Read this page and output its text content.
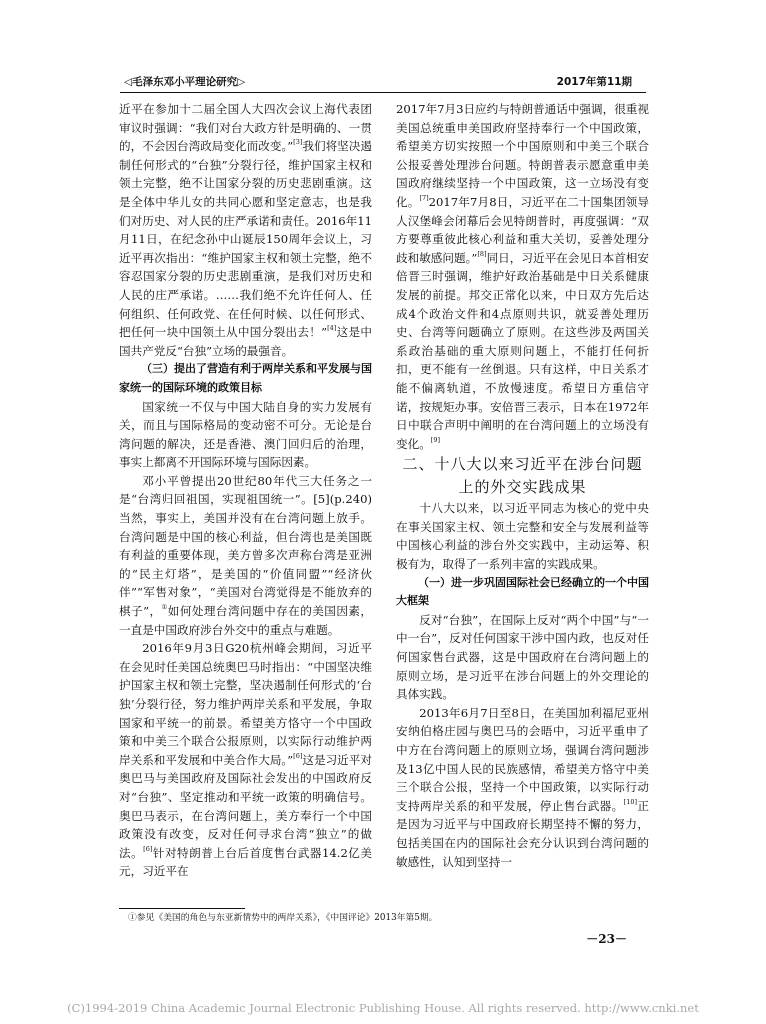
◁毛泽东邓小平理论研究▷	2017年第11期

近平在参加十二届全国人大四次会议上海代表团审议时强调：“我们对台大政方针是明确的、一贯的，不会因台湾政局变化而改变。”[3]我们将坚决遏制任何形式的“台独”分裂行径，维护国家主权和领土完整，绝不让国家分裂的历史悲剧重演。这是全体中华儿女的共同心愿和坚定意志，也是我们对历史、对人民的庄严承诺和责任。2016年11月11日，在纪念孙中山诞辰150周年会议上，习近平再次指出：“维护国家主权和领土完整，绝不容忍国家分裂的历史悲剧重演，是我们对历史和人民的庄严承诺。……我们绝不允许任何人、任何组织、任何政党、在任何时候、以任何形式、把任何一块中国领土从中国分裂出去！”[4]这是中国共产党反“台独”立场的最强音。

（三）提出了营造有利于两岸关系和平发展与国家统一的国际环境的政策目标

国家统一不仅与中国大陆自身的实力发展有关，而且与国际格局的变动密不可分。无论是台湾问题的解决，还是香港、澳门回归后的治理，事实上都离不开国际环境与国际因素。

邓小平曾提出20世纪80年代三大任务之一是“台湾归回祖国，实现祖国统一”。[5](p.240)当然，事实上，美国并没有在台湾问题上放手。台湾问题是中国的核心利益，但台湾也是美国既有利益的重要体现，美方曾多次声称台湾是亚洲的“民主灯塔”，是美国的“价值同盟”“经济伙伴”“军售对象”，“美国对台湾觉得是不能放弃的棋子”，①如何处理台湾问题中存在的美国因素，一直是中国政府涉台外交中的重点与难题。

2016年9月3日G20杭州峰会期间，习近平在会见时任美国总统奥巴马时指出：“中国坚决维护国家主权和领土完整，坚决遏制任何形式的‘台独’分裂行径，努力维护两岸关系和平发展，争取国家和平统一的前景。希望美方恪守一个中国政策和中美三个联合公报原则，以实际行动维护两岸关系和平发展和中美合作大局。”[6]这是习近平对奥巴马与美国政府及国际社会发出的中国政府反对“台独”、坚定推动和平统一政策的明确信号。奥巴马表示，在台湾问题上，美方奉行一个中国政策没有改变，反对任何寻求台湾“独立”的做法。[6]针对特朗普上台后首度售台武器14.2亿美元，习近平在

2017年7月3日应约与特朗普通话中强调，很重视美国总统重申美国政府坚持奉行一个中国政策，希望美方切实按照一个中国原则和中美三个联合公报妥善处理涉台问题。特朗普表示愿意重申美国政府继续坚持一个中国政策，这一立场没有变化。[7]2017年7月8日，习近平在二十国集团领导人汉堡峰会闭幕后会见特朗普时，再度强调：“双方要尊重彼此核心利益和重大关切，妥善处理分歧和敏感问题。”[8]同日，习近平在会见日本首相安倍晋三时强调，维护好政治基础是中日关系健康发展的前提。邦交正常化以来，中日双方先后达成4个政治文件和4点原则共识，就妥善处理历史、台湾等问题确立了原则。在这些涉及两国关系政治基础的重大原则问题上，不能打任何折扣，更不能有一丝倒退。只有这样，中日关系才能不偏离轨道，不放慢速度。希望日方重信守诺，按规矩办事。安倍晋三表示，日本在1972年日中联合声明中阐明的在台湾问题上的立场没有变化。[9]

二、十八大以来习近平在涉台问题上的外交实践成果

十八大以来，以习近平同志为核心的党中央在事关国家主权、领土完整和安全与发展利益等中国核心利益的涉台外交实践中，主动运筹、积极有为，取得了一系列丰富的实践成果。

（一）进一步巩固国际社会已经确立的一个中国大框架

反对“台独”，在国际上反对“两个中国”与“一中一台”，反对任何国家干涉中国内政，也反对任何国家售台武器，这是中国政府在台湾问题上的原则立场，是习近平在涉台问题上的外交理论的具体实践。

2013年6月7日至8日，在美国加利福尼亚州安纳伯格庄园与奥巴马的会晤中，习近平重申了中方在台湾问题上的原则立场，强调台湾问题涉及13亿中国人民的民族感情，希望美方恪守中美三个联合公报，坚持一个中国政策，以实际行动支持两岸关系的和平发展，停止售台武器。[10]正是因为习近平与中国政府长期坚持不懈的努力，包括美国在内的国际社会充分认识到台湾问题的敏感性，认知到坚持一

①参见《美国的角色与东亚新情势中的两岸关系》，《中国评论》2013年第5期。
－23－
(C)1994-2019 China Academic Journal Electronic Publishing House. All rights reserved. http://www.cnki.net
